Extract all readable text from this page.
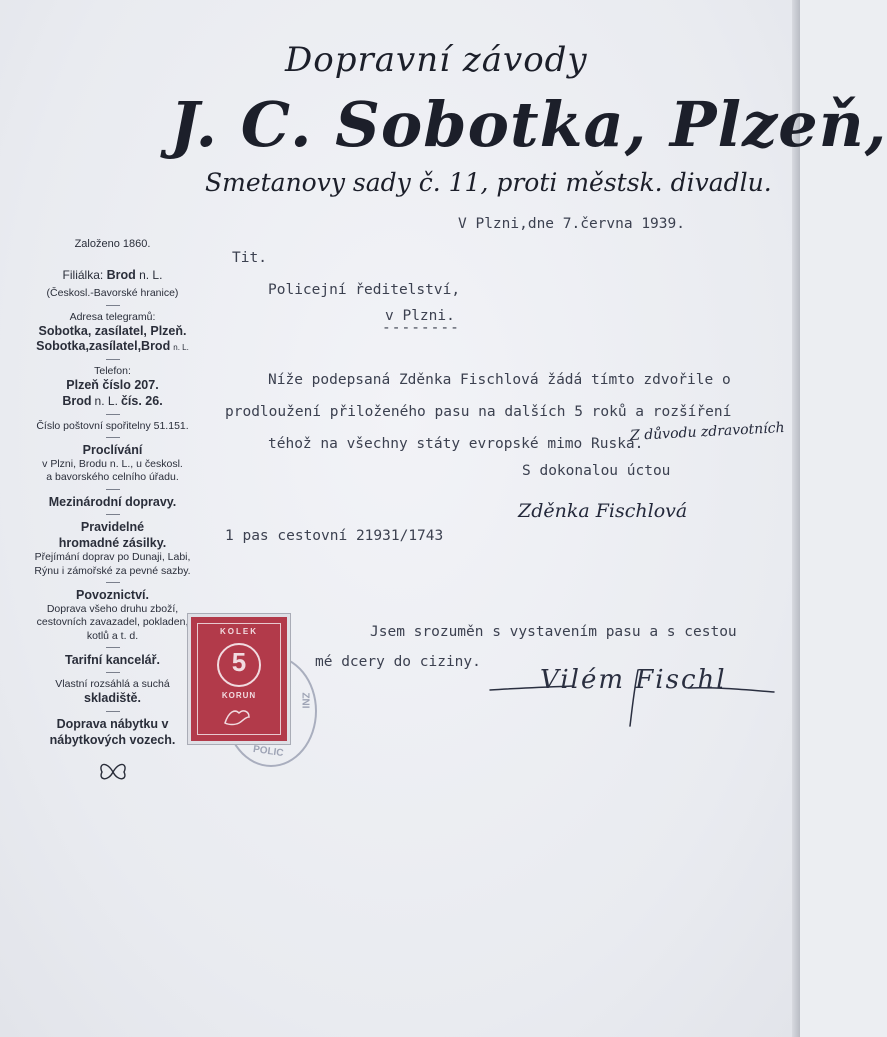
Dopravní závody
J. C. Sobotka, Plzeň,
Smetanovy sady č. 11, proti městsk. divadlu.
Založeno 1860.
Filiálka: Brod n. L.
(Českosl.-Bavorské hranice)
Adresa telegramů:
Sobotka, zasílatel, Plzeň.
Sobotka,zasílatel,Brod n. L.
Telefon:
Plzeň číslo 207.
Brod n. L. čís. 26.
Číslo poštovní spořitelny 51.151.
Proclívání
v Plzni, Brodu n. L., u českosl.
a bavorského celního úřadu.
Mezinárodní dopravy.
Pravidelné
hromadné zásilky.
Přejímání doprav po Dunaji, Labi, Rýnu i zámořské za pevné sazby.
Povoznictví.
Doprava všeho druhu zboží, cestovních zavazadel, pokladen, kotlů a t. d.
Tarifní kancelář.
Vlastní rozsáhlá a suchá
skladiště.
Doprava nábytku v
nábytkových vozech.
V Plzni,dne 7.června 1939.
Tit.
Policejní ředitelství,
v Plzni.
--------
Níže podepsaná Zděnka Fischlová žádá tímto zdvořile o
prodloužení přiloženého pasu na dalších 5 roků a rozšíření
téhož na všechny státy evropské mimo Ruska.
Z důvodu zdravotních
S dokonalou úctou
Zděnka Fischlová
1 pas cestovní 21931/1743
Jsem srozuměn s vystavením pasu a s cestou
mé dcery do ciziny.
Vilém Fischl
POLIC
ZNI
KOLEK
5
KORUN
